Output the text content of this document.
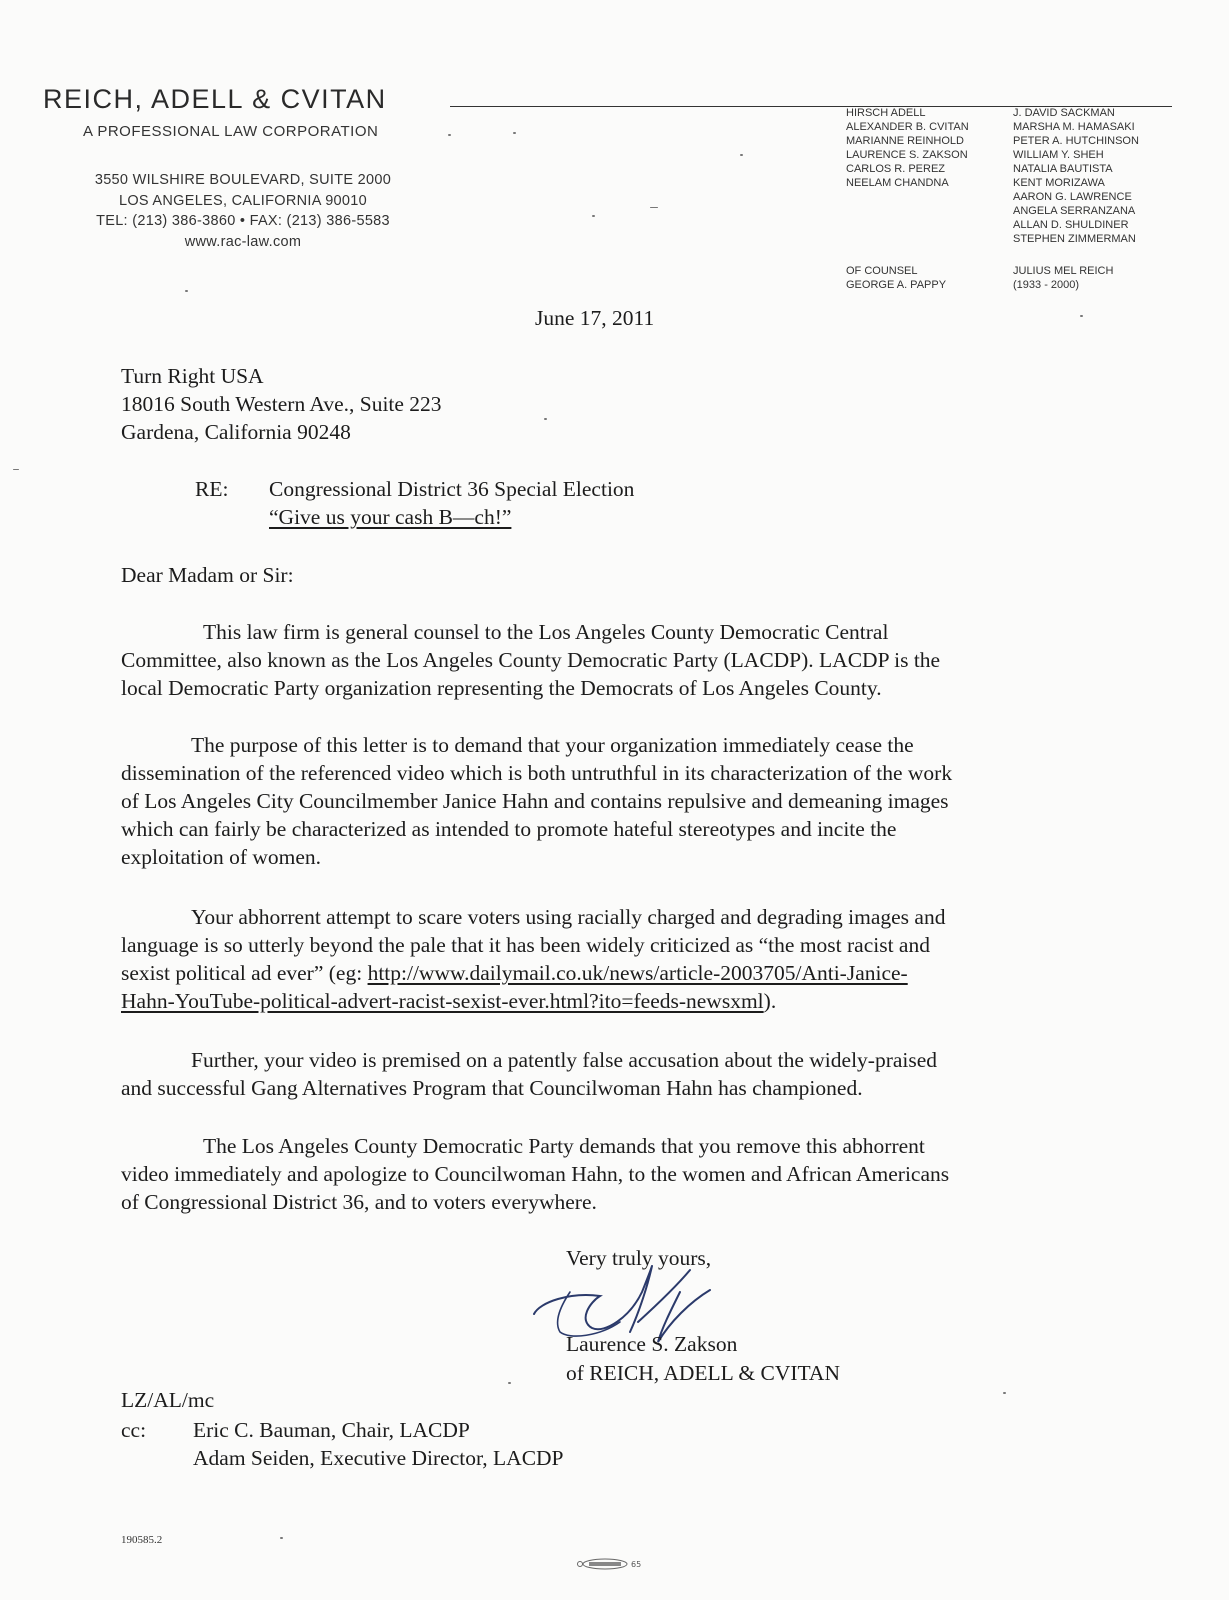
REICH, ADELL & CVITAN
A PROFESSIONAL LAW CORPORATION
3550 WILSHIRE BOULEVARD, SUITE 2000
LOS ANGELES, CALIFORNIA 90010
TEL: (213) 386-3860 • FAX: (213) 386-5583
www.rac-law.com
HIRSCH ADELL
ALEXANDER B. CVITAN
MARIANNE REINHOLD
LAURENCE S. ZAKSON
CARLOS R. PEREZ
NEELAM CHANDNA
J. DAVID SACKMAN
MARSHA M. HAMASAKI
PETER A. HUTCHINSON
WILLIAM Y. SHEH
NATALIA BAUTISTA
KENT MORIZAWA
AARON G. LAWRENCE
ANGELA SERRANZANA
ALLAN D. SHULDINER
STEPHEN ZIMMERMAN
OF COUNSEL
GEORGE A. PAPPY
JULIUS MEL REICH
(1933 - 2000)
June 17, 2011
Turn Right USA
18016 South Western Ave., Suite 223
Gardena, California 90248
RE: Congressional District 36 Special Election
“Give us your cash B—ch!”
Dear Madam or Sir:
This law firm is general counsel to the Los Angeles County Democratic Central
Committee, also known as the Los Angeles County Democratic Party (LACDP). LACDP is the
local Democratic Party organization representing the Democrats of Los Angeles County.
The purpose of this letter is to demand that your organization immediately cease the
dissemination of the referenced video which is both untruthful in its characterization of the work
of Los Angeles City Councilmember Janice Hahn and contains repulsive and demeaning images
which can fairly be characterized as intended to promote hateful stereotypes and incite the
exploitation of women.
Your abhorrent attempt to scare voters using racially charged and degrading images and
language is so utterly beyond the pale that it has been widely criticized as “the most racist and
sexist political ad ever” (eg: http://www.dailymail.co.uk/news/article-2003705/Anti-Janice-
Hahn-YouTube-political-advert-racist-sexist-ever.html?ito=feeds-newsxml).
Further, your video is premised on a patently false accusation about the widely-praised
and successful Gang Alternatives Program that Councilwoman Hahn has championed.
The Los Angeles County Democratic Party demands that you remove this abhorrent
video immediately and apologize to Councilwoman Hahn, to the women and African Americans
of Congressional District 36, and to voters everywhere.
Very truly yours,
Laurence S. Zakson
of REICH, ADELL & CVITAN
LZ/AL/mc
cc: Eric C. Bauman, Chair, LACDP
Adam Seiden, Executive Director, LACDP
190585.2
65
